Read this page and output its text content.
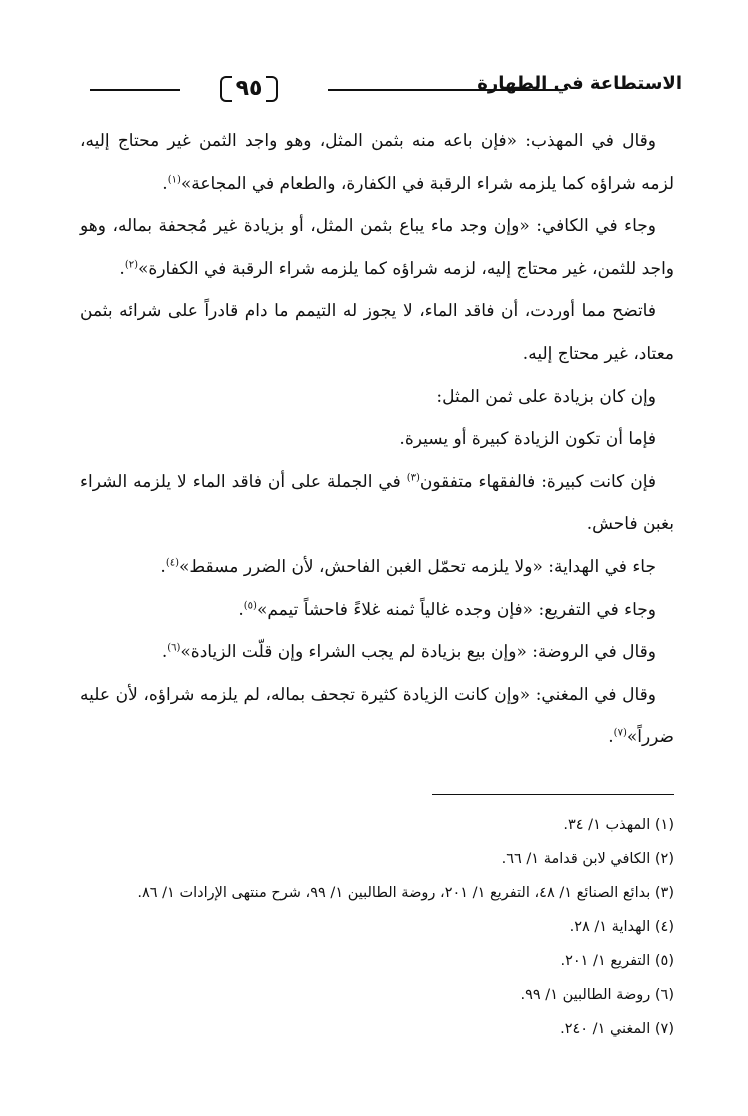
٩٥	الاستطاعة في الطهارة

وقال في المهذب: «فإن باعه منه بثمن المثل، وهو واجد الثمن غير محتاج إليه، لزمه شراؤه كما يلزمه شراء الرقبة في الكفارة، والطعام في المجاعة»$^{(١)}$.

وجاء في الكافي: «وإن وجد ماء يباع بثمن المثل، أو بزيادة غير مُجحفة بماله، وهو واجد للثمن، غير محتاج إليه، لزمه شراؤه كما يلزمه شراء الرقبة في الكفارة»$^{(٢)}$.

فاتضح مما أوردت، أن فاقد الماء، لا يجوز له التيمم ما دام قادراً على شرائه بثمن معتاد، غير محتاج إليه.

وإن كان بزيادة على ثمن المثل:

فإما أن تكون الزيادة كبيرة أو يسيرة.

فإن كانت كبيرة: فالفقهاء متفقون$^{(٣)}$ في الجملة على أن فاقد الماء لا يلزمه الشراء بغبن فاحش.

جاء في الهداية: «ولا يلزمه تحمّل الغبن الفاحش، لأن الضرر مسقط»$^{(٤)}$.

وجاء في التفريع: «فإن وجده غالياً ثمنه غلاءً فاحشاً تيمم»$^{(٥)}$.

وقال في الروضة: «وإن بيع بزيادة لم يجب الشراء وإن قلّت الزيادة»$^{(٦)}$.

وقال في المغني: «وإن كانت الزيادة كثيرة تجحف بماله، لم يلزمه شراؤه، لأن عليه ضرراً»$^{(٧)}$.

(١) المهذب ١/ ٣٤.

(٢) الكافي لابن قدامة ١/ ٦٦.

(٣) بدائع الصنائع ١/ ٤٨، التفريع ١/ ٢٠١، روضة الطالبين ١/ ٩٩، شرح منتهى الإرادات ١/ ٨٦.

(٤) الهداية ١/ ٢٨.

(٥) التفريع ١/ ٢٠١.

(٦) روضة الطالبين ١/ ٩٩.

(٧) المغني ١/ ٢٤٠.
